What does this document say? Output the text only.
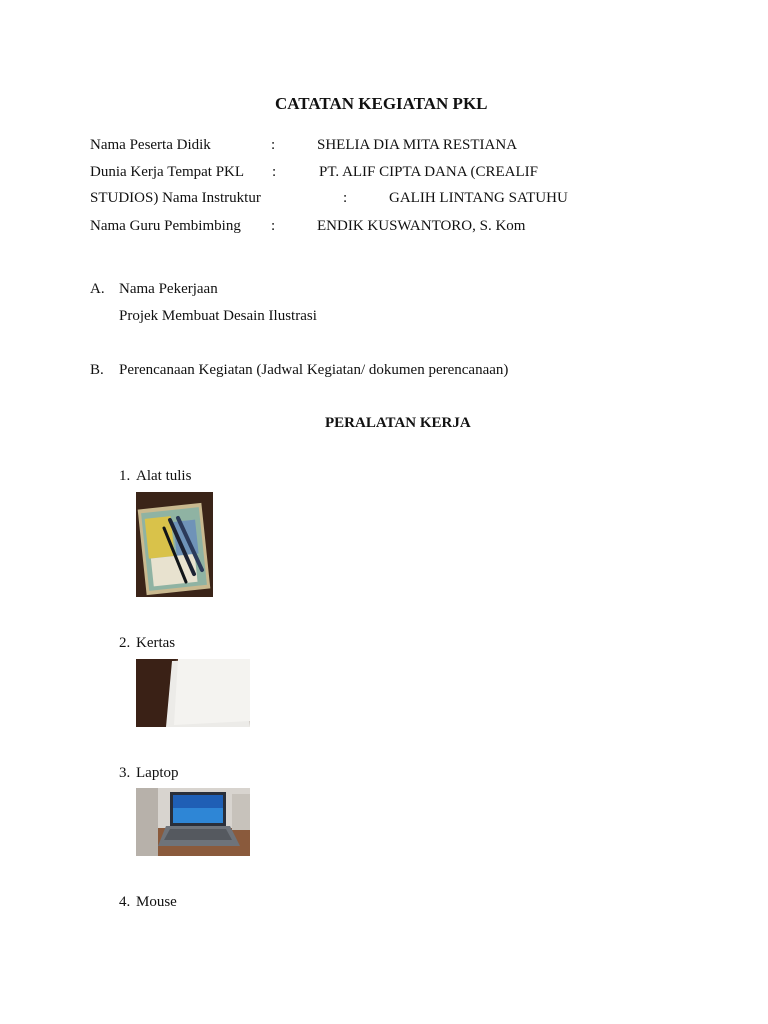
CATATAN KEGIATAN PKL
Nama Peserta Didik	:	SHELIA DIA MITA RESTIANA
Dunia Kerja Tempat PKL :	PT. ALIF CIPTA DANA (CREALIF
STUDIOS) Nama Instruktur	:	GALIH LINTANG SATUHU
Nama Guru Pembimbing :	ENDIK KUSWANTORO, S. Kom
A. Nama Pekerjaan
Projek Membuat Desain Ilustrasi
B. Perencanaan Kegiatan (Jadwal Kegiatan/ dokumen perencanaan)
PERALATAN KERJA
1. Alat tulis
2. Kertas
3. Laptop
4. Mouse
